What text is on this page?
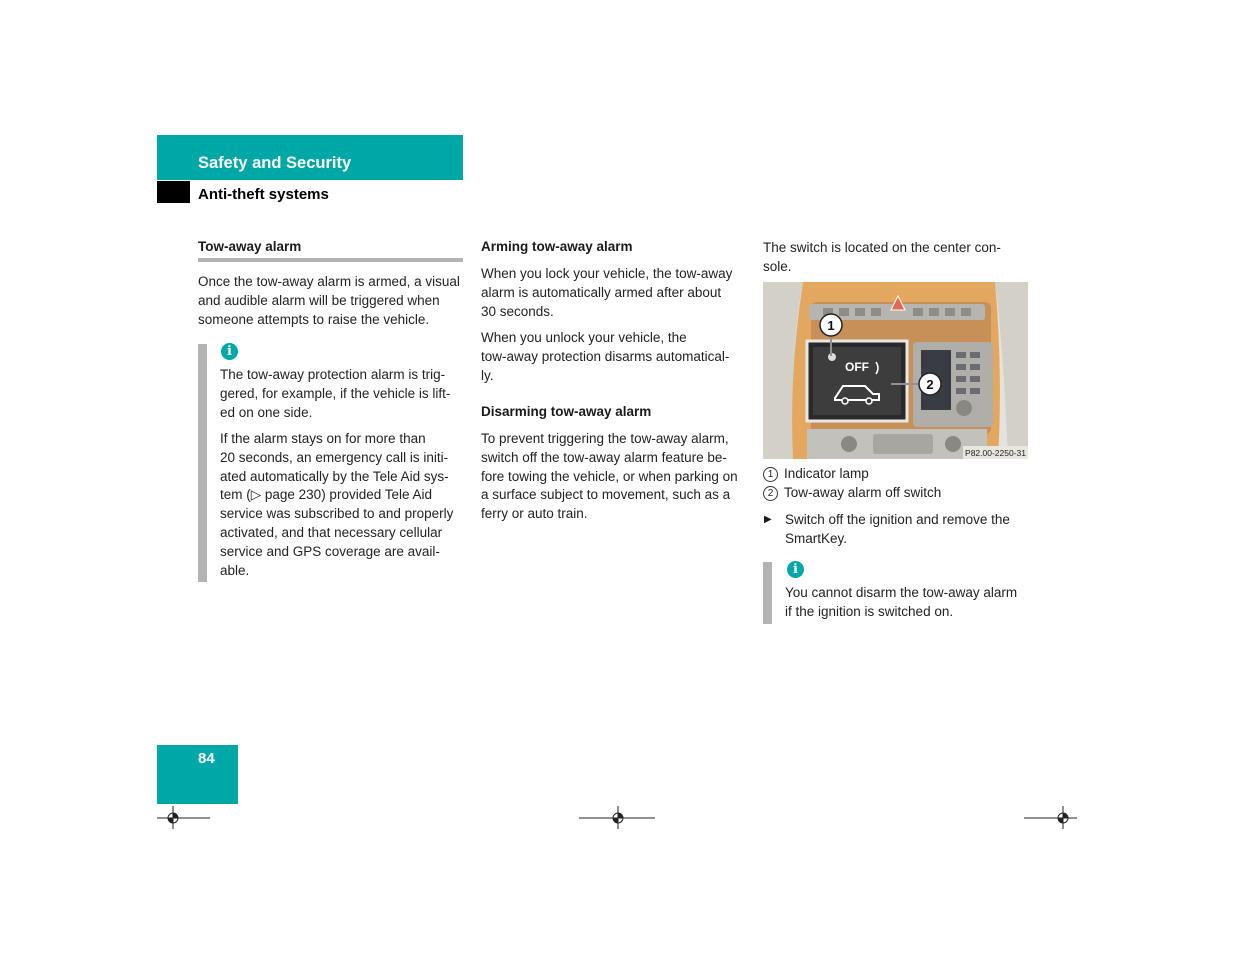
Safety and Security
Anti-theft systems
Tow-away alarm
Once the tow-away alarm is armed, a visual
and audible alarm will be triggered when
someone attempts to raise the vehicle.
i
The tow-away protection alarm is trig-
gered, for example, if the vehicle is lift-
ed on one side.
If the alarm stays on for more than
20 seconds, an emergency call is initi-
ated automatically by the Tele Aid sys-
tem (▷ page 230) provided Tele Aid
service was subscribed to and properly
activated, and that necessary cellular
service and GPS coverage are avail-
able.
Arming tow-away alarm
When you lock your vehicle, the tow-away
alarm is automatically armed after about
30 seconds.
When you unlock your vehicle, the
tow-away protection disarms automatical-
ly.
Disarming tow-away alarm
To prevent triggering the tow-away alarm,
switch off the tow-away alarm feature be-
fore towing the vehicle, or when parking on
a surface subject to movement, such as a
ferry or auto train.
The switch is located on the center con-
sole.
OFF
1
2
P82.00-2250-31
1 Indicator lamp
2 Tow-away alarm off switch
▶ Switch off the ignition and remove the
SmartKey.
i
You cannot disarm the tow-away alarm
if the ignition is switched on.
84
